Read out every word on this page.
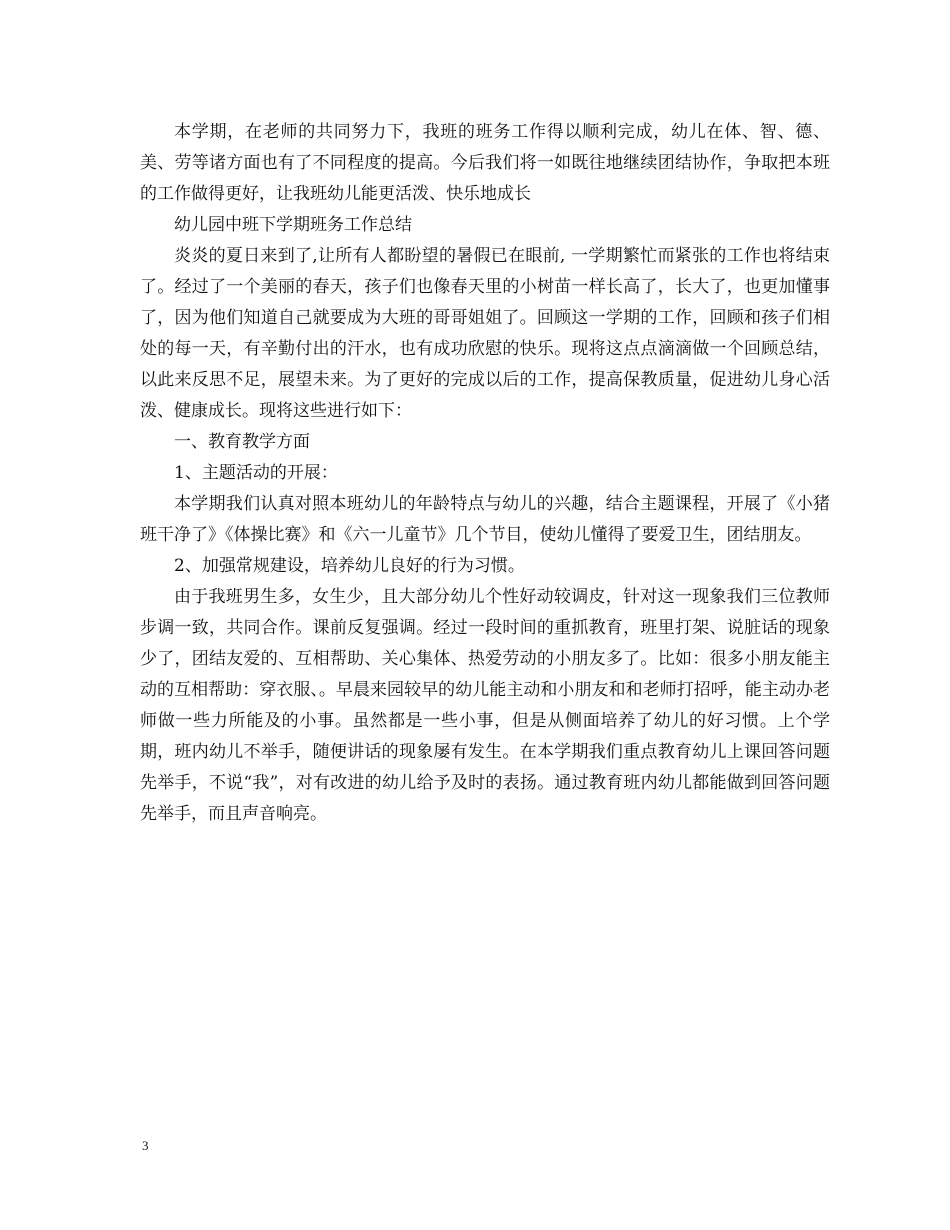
本学期，在老师的共同努力下，我班的班务工作得以顺利完成，幼儿在体、智、德、美、劳等诸方面也有了不同程度的提高。今后我们将一如既往地继续团结协作，争取把本班的工作做得更好，让我班幼儿能更活泼、快乐地成长

幼儿园中班下学期班务工作总结

炎炎的夏日来到了,让所有人都盼望的暑假已在眼前, 一学期繁忙而紧张的工作也将结束了。经过了一个美丽的春天，孩子们也像春天里的小树苗一样长高了，长大了，也更加懂事了，因为他们知道自己就要成为大班的哥哥姐姐了。回顾这一学期的工作，回顾和孩子们相处的每一天，有辛勤付出的汗水，也有成功欣慰的快乐。现将这点点滴滴做一个回顾总结，以此来反思不足，展望未来。为了更好的完成以后的工作，提高保教质量，促进幼儿身心活泼、健康成长。现将这些进行如下：

一、教育教学方面

1、主题活动的开展：

本学期我们认真对照本班幼儿的年龄特点与幼儿的兴趣，结合主题课程，开展了《小猪班干净了》《体操比赛》和《六一儿童节》几个节目，使幼儿懂得了要爱卫生，团结朋友。

2、加强常规建设，培养幼儿良好的行为习惯。

由于我班男生多，女生少，且大部分幼儿个性好动较调皮，针对这一现象我们三位教师步调一致，共同合作。课前反复强调。经过一段时间的重抓教育，班里打架、说脏话的现象少了，团结友爱的、互相帮助、关心集体、热爱劳动的小朋友多了。比如：很多小朋友能主动的互相帮助：穿衣服、。早晨来园较早的幼儿能主动和小朋友和和老师打招呼，能主动办老师做一些力所能及的小事。虽然都是一些小事，但是从侧面培养了幼儿的好习惯。上个学期，班内幼儿不举手，随便讲话的现象屡有发生。在本学期我们重点教育幼儿上课回答问题先举手，不说“我”，对有改进的幼儿给予及时的表扬。通过教育班内幼儿都能做到回答问题先举手，而且声音响亮。

3
